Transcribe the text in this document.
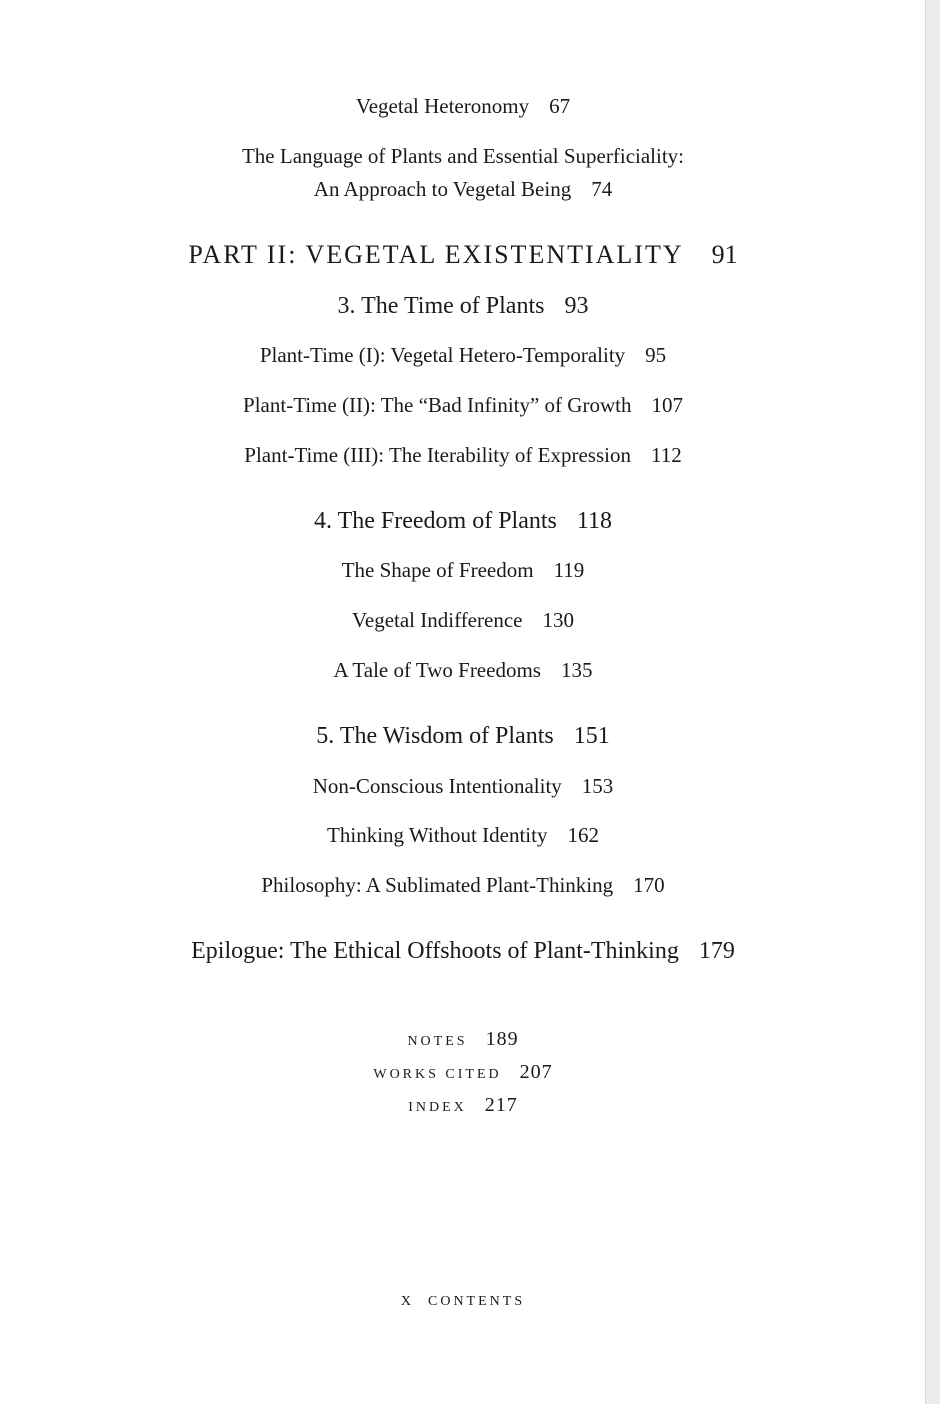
Vegetal Heteronomy 67
The Language of Plants and Essential Superficiality:
An Approach to Vegetal Being 74
PART II: VEGETAL EXISTENTIALITY 91
3. The Time of Plants 93
Plant-Time (I): Vegetal Hetero-Temporality 95
Plant-Time (II): The “Bad Infinity” of Growth 107
Plant-Time (III): The Iterability of Expression 112
4. The Freedom of Plants 118
The Shape of Freedom 119
Vegetal Indifference 130
A Tale of Two Freedoms 135
5. The Wisdom of Plants 151
Non-Conscious Intentionality 153
Thinking Without Identity 162
Philosophy: A Sublimated Plant-Thinking 170
Epilogue: The Ethical Offshoots of Plant-Thinking 179
NOTES 189
WORKS CITED 207
INDEX 217
X CONTENTS
